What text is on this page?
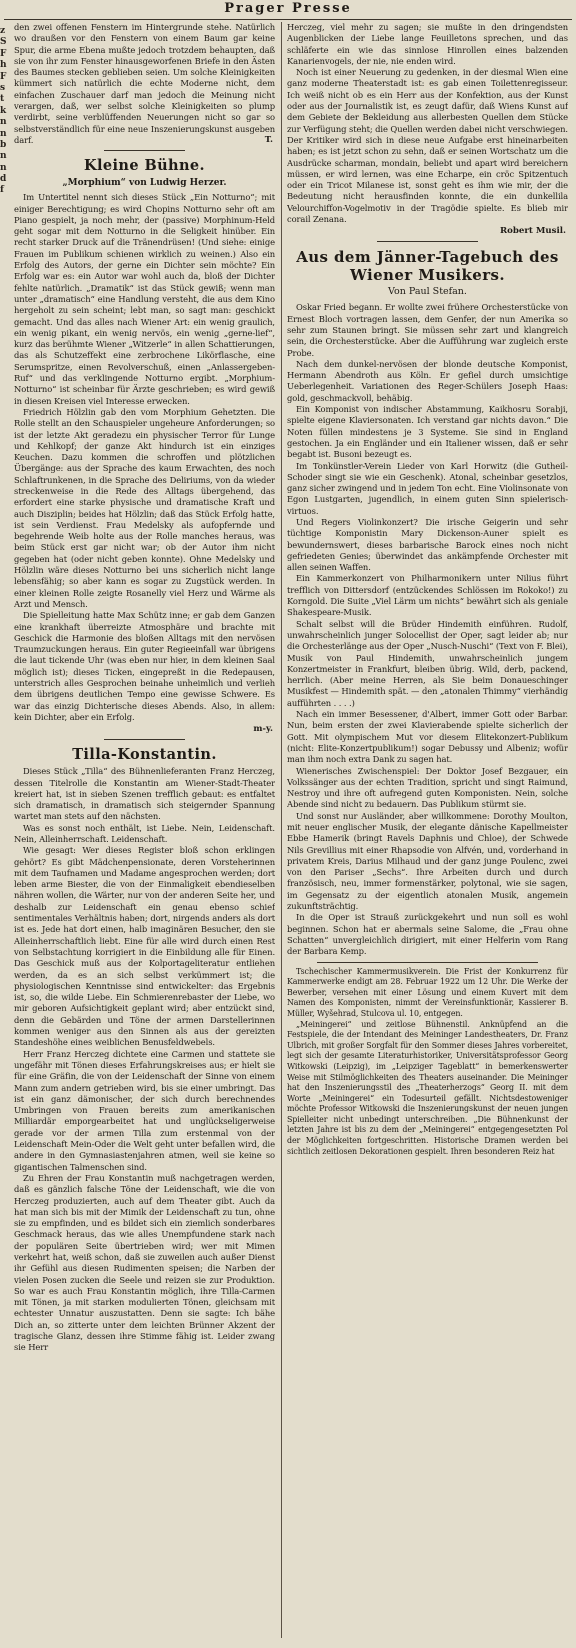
Prager Presse
z
S
F
h
F
s
t
k
n
n
b
n
n
d
f

den zwei offenen Fenstern im Hintergrunde stehe. Natürlich wo draußen vor den Fenstern von einem Baum gar keine Spur, die arme Ebena mußte jedoch trotzdem behaupten, daß sie von ihr zum Fenster hinausgeworfenen Briefe in den Ästen des Baumes stecken geblieben seien. Um solche Kleinigkeiten kümmert sich natürlich die echte Moderne nicht, dem einfachen Zuschauer darf man jedoch die Meinung nicht verargen, daß, wer selbst solche Kleinigkeiten so plump verdirbt, seine verblüffenden Neuerungen nicht so gar so selbstverständlich für eine neue Inszenierungskunst ausgeben darf.	T.
Kleine Bühne.
„Morphium“ von Ludwig Herzer.

Im Untertitel nennt sich dieses Stück „Ein Notturno“; mit einiger Berechtigung; es wird Chopins Notturno sehr oft am Piano gespielt, ja noch mehr, der (passive) Morphinum-Held geht sogar mit dem Notturno in die Seligkeit hinüber. Ein recht starker Druck auf die Tränendrüsen! (Und siehe: einige Frauen im Publikum schienen wirklich zu weinen.) Also ein Erfolg des Autors, der gerne ein Dichter sein möchte? Ein Erfolg war es: ein Autor war wohl auch da, bloß der Dichter fehlte natürlich. „Dramatik“ ist das Stück gewiß; wenn man unter „dramatisch“ eine Handlung versteht, die aus dem Kino hergeholt zu sein scheint; lebt man, so sagt man: geschickt gemacht. Und das alles nach Wiener Art: ein wenig graulich, ein wenig pikant, ein wenig nervös, ein wenig „gerne-lief“, kurz das berühmte Wiener „Witzerle“ in allen Schattierungen, das als Schutzeffekt eine zerbrochene Likörflasche, eine Serumspritze, einen Revolverschuß, einen „Anlassergeben-Ruf“ und das verklingende Notturno ergibt. „Morphium-Notturno“ ist scheinbar für Ärzte geschrieben; es wird gewiß in diesen Kreisen viel Interesse erwecken.

Friedrich Hölzlin gab den vom Morphium Gehetzten. Die Rolle stellt an den Schauspieler ungeheure Anforderungen; so ist der letzte Akt geradezu ein physischer Terror für Lunge und Kehlkopf; der ganze Akt hindurch ist ein einziges Keuchen. Dazu kommen die schroffen und plötzlichen Übergänge: aus der Sprache des kaum Erwachten, des noch Schlaftrunkenen, in die Sprache des Deliriums, von da wieder streckenweise in die Rede des Alltags übergehend, das erfordert eine starke physische und dramatische Kraft und auch Disziplin; beides hat Hölzlin; daß das Stück Erfolg hatte, ist sein Verdienst. Frau Medelsky als aufopfernde und begehrende Weib holte aus der Rolle manches heraus, was beim Stück erst gar nicht war; ob der Autor ihm nicht gegeben hat (oder nicht geben konnte). Ohne Medelsky und Hölzlin wäre dieses Notturno bei uns sicherlich nicht lange lebensfähig; so aber kann es sogar zu Zugstück werden. In einer kleinen Rolle zeigte Rosanelly viel Herz und Wärme als Arzt und Mensch.

Die Spielleitung hatte Max Schütz inne; er gab dem Ganzen eine krankhaft überreizte Atmosphäre und brachte mit Geschick die Harmonie des bloßen Alltags mit den nervösen Traumzuckungen heraus. Ein guter Regieeinfall war übrigens die laut tickende Uhr (was eben nur hier, in dem kleinen Saal möglich ist); dieses Ticken, eingepreßt in die Redepausen, unterstrich alles Gesprochen beinahe unheimlich und verlieh dem übrigens deutlichen Tempo eine gewisse Schwere. Es war das einzig Dichterische dieses Abends. Also, in allem: kein Dichter, aber ein Erfolg.

m-y.
Tilla-Konstantin.

Dieses Stück „Tilla“ des Bühnenlieferanten Franz Herczeg, dessen Titelrolle die Konstantin am Wiener-Stadt-Theater kreiert hat, ist in sieben Szenen trefflich gebaut: es entfaltet sich dramatisch, in dramatisch sich steigernder Spannung wartet man stets auf den nächsten.

Was es sonst noch enthält, ist Liebe. Nein, Leidenschaft. Nein, Alleinherrschaft. Leidenschaft.

Wie gesagt: Wer dieses Register bloß schon erklingen gehört? Es gibt Mädchenpensionate, deren Vorsteherinnen mit dem Taufnamen und Madame angesprochen werden; dort leben arme Biester, die von der Einmaligkeit ebendieselben nähren wollen, die Wärter, nur von der anderen Seite her, und deshalb zur Leidenschaft ein genau ebenso schief sentimentales Verhältnis haben; dort, nirgends anders als dort ist es. Jede hat dort einen, halb imaginären Besucher, den sie Alleinherrschaftlich liebt. Eine für alle wird durch einen Rest von Selbstachtung korrigiert in die Einbildung alle für Einen. Das Geschick muß aus der Kolportageliteratur entliehen werden, da es an sich selbst verkümmert ist; die physiologischen Kenntnisse sind entwickelter: das Ergebnis ist, so, die wilde Liebe. Ein Schmierenrebaster der Liebe, wo mir geboren Aufsichtigkeit geplant wird; aber entzückt sind, denn die Gebärden und Töne der armen Darstellerinnen kommen weniger aus den Sinnen als aus der gereizten Standeshöhe eines weiblichen Benusfeldwebels.

Herr Franz Herczeg dichtete eine Carmen und stattete sie ungefähr mit Tönen dieses Erfahrungskreises aus; er hielt sie für eine Gräfin, die von der Leidenschaft der Sinne von einem Mann zum andern getrieben wird, bis sie einer umbringt. Das ist ein ganz dämonischer, der sich durch berechnendes Umbringen von Frauen bereits zum amerikanischen Milliardär emporgearbeitet hat und unglückseligerweise gerade vor der armen Tilla zum erstenmal von der Leidenschaft Mein-Oder die Welt geht unter befallen wird, die andere in den Gymnasiastenjahren atmen, weil sie keine so gigantischen Talmenschen sind.

Zu Ehren der Frau Konstantin muß nachgetragen werden, daß es gänzlich falsche Töne der Leidenschaft, wie die von Herczeg produzierten, auch auf dem Theater gibt. Auch da hat man sich bis mit der Mimik der Leidenschaft zu tun, ohne sie zu empfinden, und es bildet sich ein ziemlich sonderbares Geschmack heraus, das wie alles Unempfundene stark nach der populären Seite übertrieben wird; wer mit Mimen verkehrt hat, weiß schon, daß sie zuweilen auch außer Dienst ihr Gefühl aus diesen Rudimenten speisen; die Narben der vielen Posen zucken die Seele und reizen sie zur Produktion. So war es auch Frau Konstantin möglich, ihre Tilla-Carmen mit Tönen, ja mit starken modulierten Tönen, gleichsam mit echtester Unnatur auszustatten. Denn sie sagte: Ich bähe Dich an, so zitterte unter dem leichten Brünner Akzent der tragische Glanz, dessen ihre Stimme fähig ist. Leider zwang sie Herr

Herczeg, viel mehr zu sagen; sie mußte in den dringendsten Augenblicken der Liebe lange Feuilletons sprechen, und das schläferte ein wie das sinnlose Hinrollen eines balzenden Kanarienvogels, der nie, nie enden wird.

Noch ist einer Neuerung zu gedenken, in der diesmal Wien eine ganz moderne Theaterstadt ist: es gab einen Toilettenregisseur. Ich weiß nicht ob es ein Herr aus der Konfektion, aus der Kunst oder aus der Journalistik ist, es zeugt dafür, daß Wiens Kunst auf dem Gebiete der Bekleidung aus allerbesten Quellen dem Stücke zur Verfügung steht; die Quellen werden dabei nicht verschwiegen. Der Kritiker wird sich in diese neue Aufgabe erst hineinarbeiten haben; es ist jetzt schon zu sehn, daß er seinen Wortschatz um die Ausdrücke scharman, mondain, beliebt und apart wird bereichern müssen, er wird lernen, was eine Echarpe, ein cröc Spitzentuch oder ein Tricot Milanese ist, sonst geht es ihm wie mir, der die Bedeutung nicht herausfinden konnte, die ein dunkellila Velourchiffon-Vogelmotiv in der Tragödie spielte. Es blieb mir corail Zenana.

Robert Musil.
Aus dem Jänner-Tagebuch des Wiener Musikers.
Von Paul Stefan.

Oskar Fried begann. Er wollte zwei frühere Orchesterstücke von Ernest Bloch vortragen lassen, dem Genfer, der nun Amerika so sehr zum Staunen bringt. Sie müssen sehr zart und klangreich sein, die Orchesterstücke. Aber die Aufführung war zugleich erste Probe.

Nach dem dunkel-nervösen der blonde deutsche Komponist, Hermann Abendroth aus Köln. Er gefiel durch umsichtige Ueberlegenheit. Variationen des Reger-Schülers Joseph Haas: gold, geschmackvoll, behäbig.

Ein Komponist von indischer Abstammung, Kaikhosru Sorabji, spielte eigene Klaviersonaten. Ich verstand gar nichts davon.“ Die Noten füllen mindestens je 3 Systeme. Sie sind in England gestochen. Ja ein Engländer und ein Italiener wissen, daß er sehr begabt ist. Busoni bezeugt es.

Im Tonkünstler-Verein Lieder von Karl Horwitz (die Gutheil-Schoder singt sie wie ein Geschenk). Atonal, scheinbar gesetzlos, ganz sicher zwingend und in jedem Ton echt. Eine Violinsonate von Egon Lustgarten, jugendlich, in einem guten Sinn spielerisch-virtuos.

Und Regers Violinkonzert? Die irische Geigerin und sehr tüchtige Komponistin Mary Dickenson-Auner spielt es bewundernswert, dieses barbarische Barock eines noch nicht gefriedeten Genies; überwindet das ankämpfende Orchester mit allen seinen Waffen.

Ein Kammerkonzert von Philharmonikern unter Nilius führt trefflich von Dittersdorf (entzückendes Schlössen im Rokoko!) zu Korngold. Die Suite „Viel Lärm um nichts“ bewährt sich als geniale Shakespeare-Musik.

Schalt selbst will die Brüder Hindemith einführen. Rudolf, unwahrscheinlich junger Solocellist der Oper, sagt leider ab; nur die Orchesterlänge aus der Oper „Nusch-Nuschi“ (Text von F. Blei), Musik von Paul Hindemith, unwahrscheinlich jungem Konzertmeister in Frankfurt, bleiben übrig. Wild, derb, packend, herrlich. (Aber meine Herren, als Sie beim Donaueschinger Musikfest — Hindemith spät. — den „atonalen Thimmy“ vierhändig aufführten . . . .)

Nach ein immer Besessener, d'Albert, immer Gott oder Barbar. Nun, beim ersten der zwei Klavierabende spielte sicherlich der Gott. Mit olympischem Mut vor diesem Elitekonzert-Publikum (nicht: Elite-Konzertpublikum!) sogar Debussy und Albeniz; wofür man ihm noch extra Dank zu sagen hat.

Wienerisches Zwischenspiel: Der Doktor Josef Bezgauer, ein Volkssänger aus der echten Tradition, spricht und singt Raimund, Nestroy und ihre oft aufregend guten Komponisten. Nein, solche Abende sind nicht zu bedauern. Das Publikum stürmt sie.

Und sonst nur Ausländer, aber willkommene: Dorothy Moulton, mit neuer englischer Musik, der elegante dänische Kapellmeister Ebbe Hamerik (bringt Ravels Daphnis und Chloe), der Schwede Nils Grevillius mit einer Rhapsodie von Alfvén, und, vorderhand in privatem Kreis, Darius Milhaud und der ganz junge Poulenc, zwei von den Pariser „Sechs“. Ihre Arbeiten durch und durch französisch, neu, immer formenstärker, polytonal, wie sie sagen, im Gegensatz zu der eigentlich atonalen Musik, angemein zukunftsträchtig.

In die Oper ist Strauß zurückgekehrt und nun soll es wohl beginnen. Schon hat er abermals seine Salome, die „Frau ohne Schatten“ unvergleichlich dirigiert, mit einer Helferin vom Rang der Barbara Kemp.

Tschechischer Kammermusikverein. Die Frist der Konkurrenz für Kammerwerke endigt am 28. Februar 1922 um 12 Uhr. Die Werke der Bewerber, versehen mit einer Lösung und einem Kuvert mit dem Namen des Komponisten, nimmt der Vereinsfunktionär, Kassierer B. Müller, Wyšehrad, Stulcova ul. 10, entgegen.

„Meiningerei“ und zeitlose Bühnenstil. Anknüpfend an die Festspiele, die der Intendant des Meininger Landestheaters, Dr. Franz Ulbrich, mit großer Sorgfalt für den Sommer dieses Jahres vorbereitet, legt sich der gesamte Literaturhistoriker, Universitätsprofessor Georg Witkowski (Leipzig), im „Leipziger Tageblatt“ in bemerkenswerter Weise mit Stilmöglichkeiten des Theaters auseinander. Die Meininger hat den Inszenierungsstil des „Theaterherzogs“ Georg II. mit dem Worte „Meiningerei“ ein Todesurteil gefällt. Nichtsdestoweniger möchte Professor Witkowski die Inszenierungskunst der neuen jungen Spielleiter nicht unbedingt unterschreiben. „Die Bühnenkunst der letzten Jahre ist bis zu dem der „Meiningerei“ entgegengesetzten Pol der Möglichkeiten fortgeschritten. Historische Dramen werden bei sichtlich zeitlosen Dekorationen gespielt. Ihren besonderen Reiz hat
